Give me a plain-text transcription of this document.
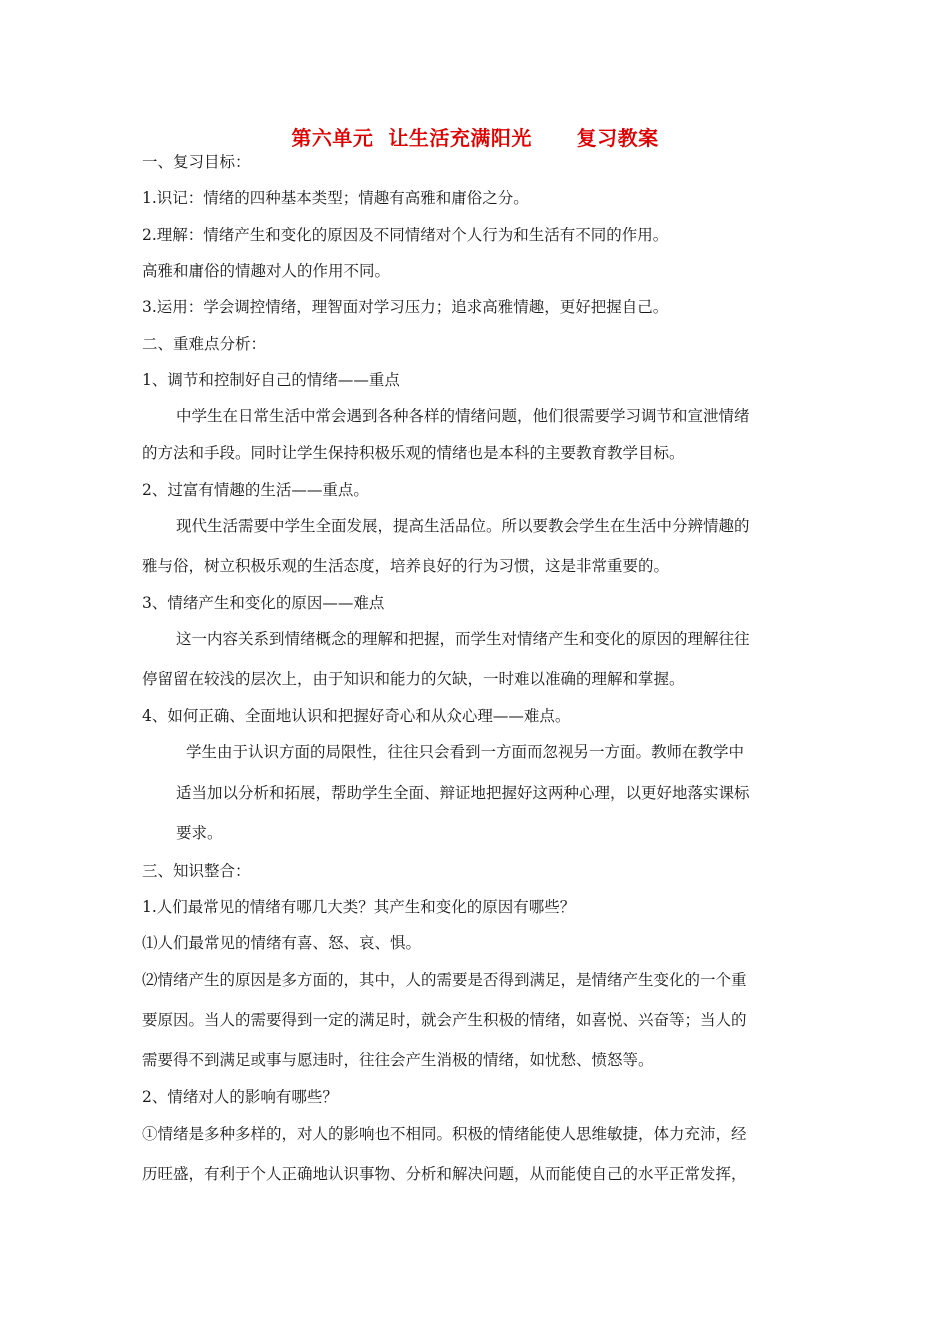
第六单元  让生活充满阳光      复习教案
一、复习目标：
1.识记：情绪的四种基本类型；情趣有高雅和庸俗之分。
2.理解：情绪产生和变化的原因及不同情绪对个人行为和生活有不同的作用。
高雅和庸俗的情趣对人的作用不同。
3.运用：学会调控情绪，理智面对学习压力；追求高雅情趣，更好把握自己。
二、重难点分析：
1、调节和控制好自己的情绪——重点
中学生在日常生活中常会遇到各种各样的情绪问题，他们很需要学习调节和宣泄情绪
的方法和手段。同时让学生保持积极乐观的情绪也是本科的主要教育教学目标。
2、过富有情趣的生活——重点。
现代生活需要中学生全面发展，提高生活品位。所以要教会学生在生活中分辨情趣的
雅与俗，树立积极乐观的生活态度，培养良好的行为习惯，这是非常重要的。
3、情绪产生和变化的原因——难点
这一内容关系到情绪概念的理解和把握，而学生对情绪产生和变化的原因的理解往往
停留留在较浅的层次上，由于知识和能力的欠缺，一时难以准确的理解和掌握。
4、如何正确、全面地认识和把握好奇心和从众心理——难点。
学生由于认识方面的局限性，往往只会看到一方面而忽视另一方面。教师在教学中
适当加以分析和拓展，帮助学生全面、辩证地把握好这两种心理，以更好地落实课标
要求。
三、知识整合：
1.人们最常见的情绪有哪几大类？其产生和变化的原因有哪些？
⑴人们最常见的情绪有喜、怒、哀、惧。
⑵情绪产生的原因是多方面的，其中，人的需要是否得到满足，是情绪产生变化的一个重
要原因。当人的需要得到一定的满足时，就会产生积极的情绪，如喜悦、兴奋等；当人的
需要得不到满足或事与愿违时，往往会产生消极的情绪，如忧愁、愤怒等。
2、情绪对人的影响有哪些？
①情绪是多种多样的，对人的影响也不相同。积极的情绪能使人思维敏捷，体力充沛，经
历旺盛，有利于个人正确地认识事物、分析和解决问题，从而能使自己的水平正常发挥，
